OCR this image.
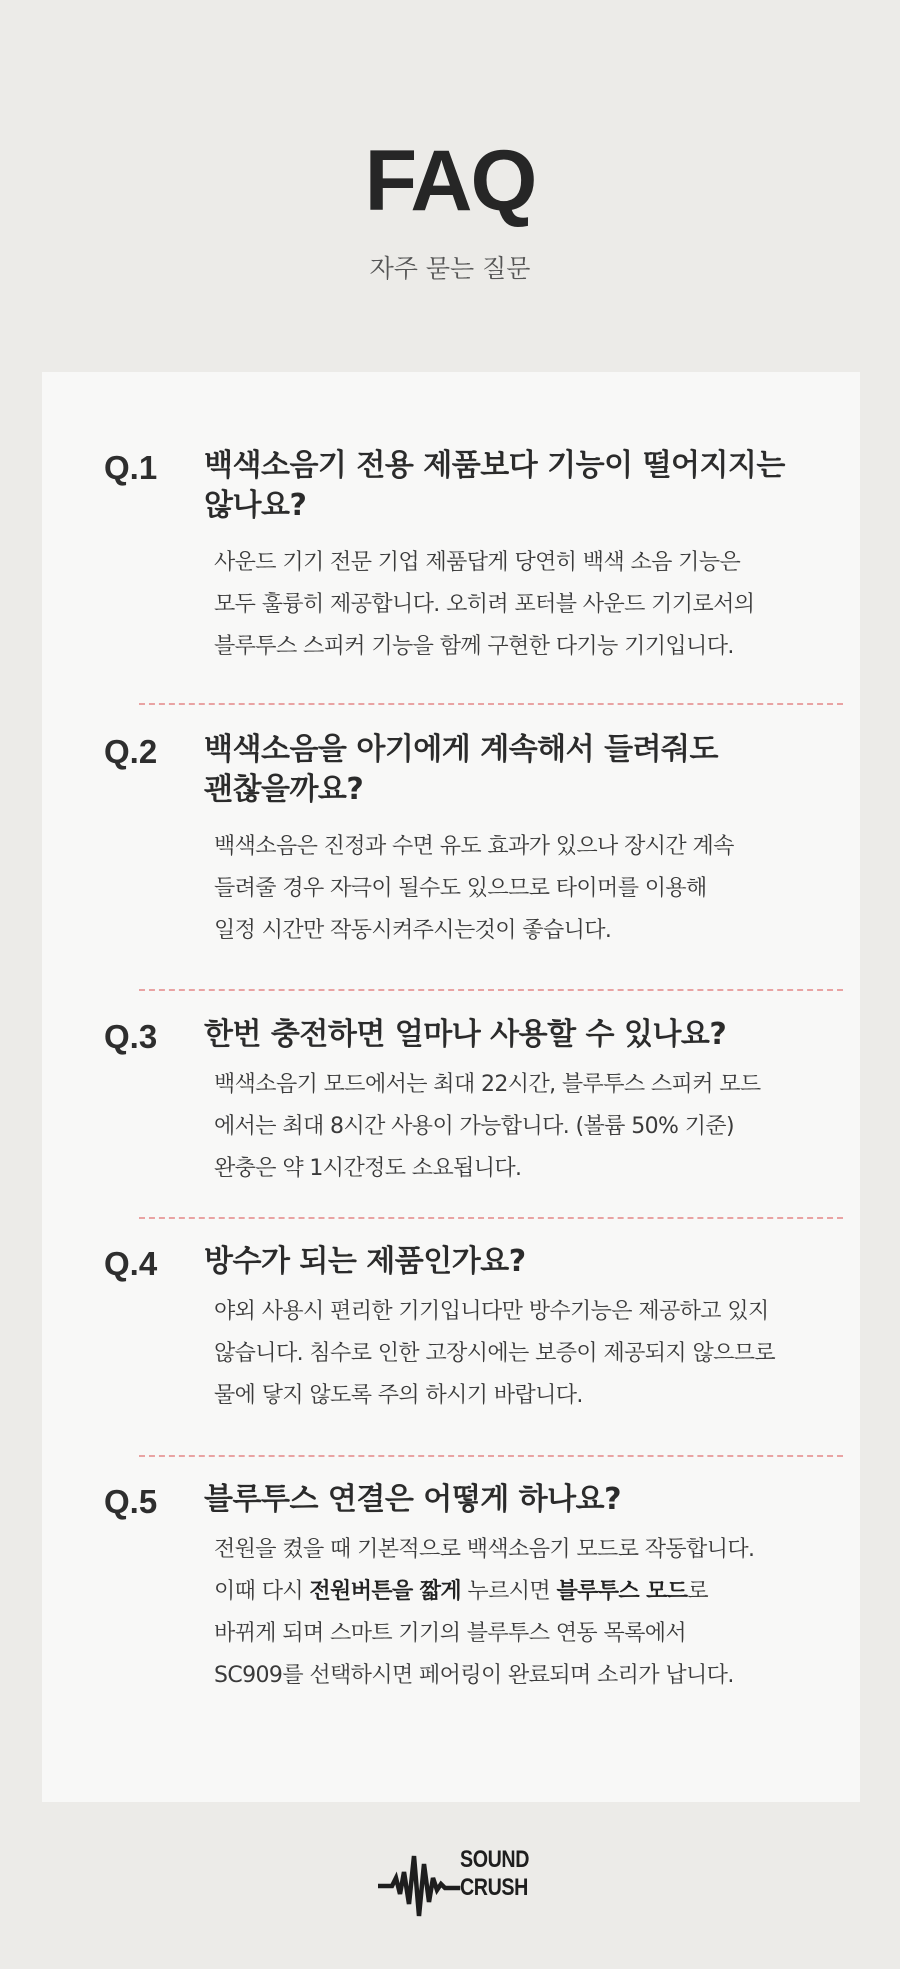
FAQ
자주 묻는 질문
Q.1 백색소음기 전용 제품보다 기능이 떨어지지는
않나요?
사운드 기기 전문 기업 제품답게 당연히 백색 소음 기능은
모두 훌륭히 제공합니다. 오히려 포터블 사운드 기기로서의
블루투스 스피커 기능을 함께 구현한 다기능 기기입니다.
Q.2 백색소음을 아기에게 계속해서 들려줘도
괜찮을까요?
백색소음은 진정과 수면 유도 효과가 있으나 장시간 계속
들려줄 경우 자극이 될수도 있으므로 타이머를 이용해
일정 시간만 작동시켜주시는것이 좋습니다.
Q.3 한번 충전하면 얼마나 사용할 수 있나요?
백색소음기 모드에서는 최대 22시간, 블루투스 스피커 모드
에서는 최대 8시간 사용이 가능합니다. (볼륨 50% 기준)
완충은 약 1시간정도 소요됩니다.
Q.4 방수가 되는 제품인가요?
야외 사용시 편리한 기기입니다만 방수기능은 제공하고 있지
않습니다. 침수로 인한 고장시에는 보증이 제공되지 않으므로
물에 닿지 않도록 주의 하시기 바랍니다.
Q.5 블루투스 연결은 어떻게 하나요?
전원을 켰을 때 기본적으로 백색소음기 모드로 작동합니다.
이때 다시 전원버튼을 짧게 누르시면 블루투스 모드로
바뀌게 되며 스마트 기기의 블루투스 연동 목록에서
SC909를 선택하시면 페어링이 완료되며 소리가 납니다.
SOUND
CRUSH
